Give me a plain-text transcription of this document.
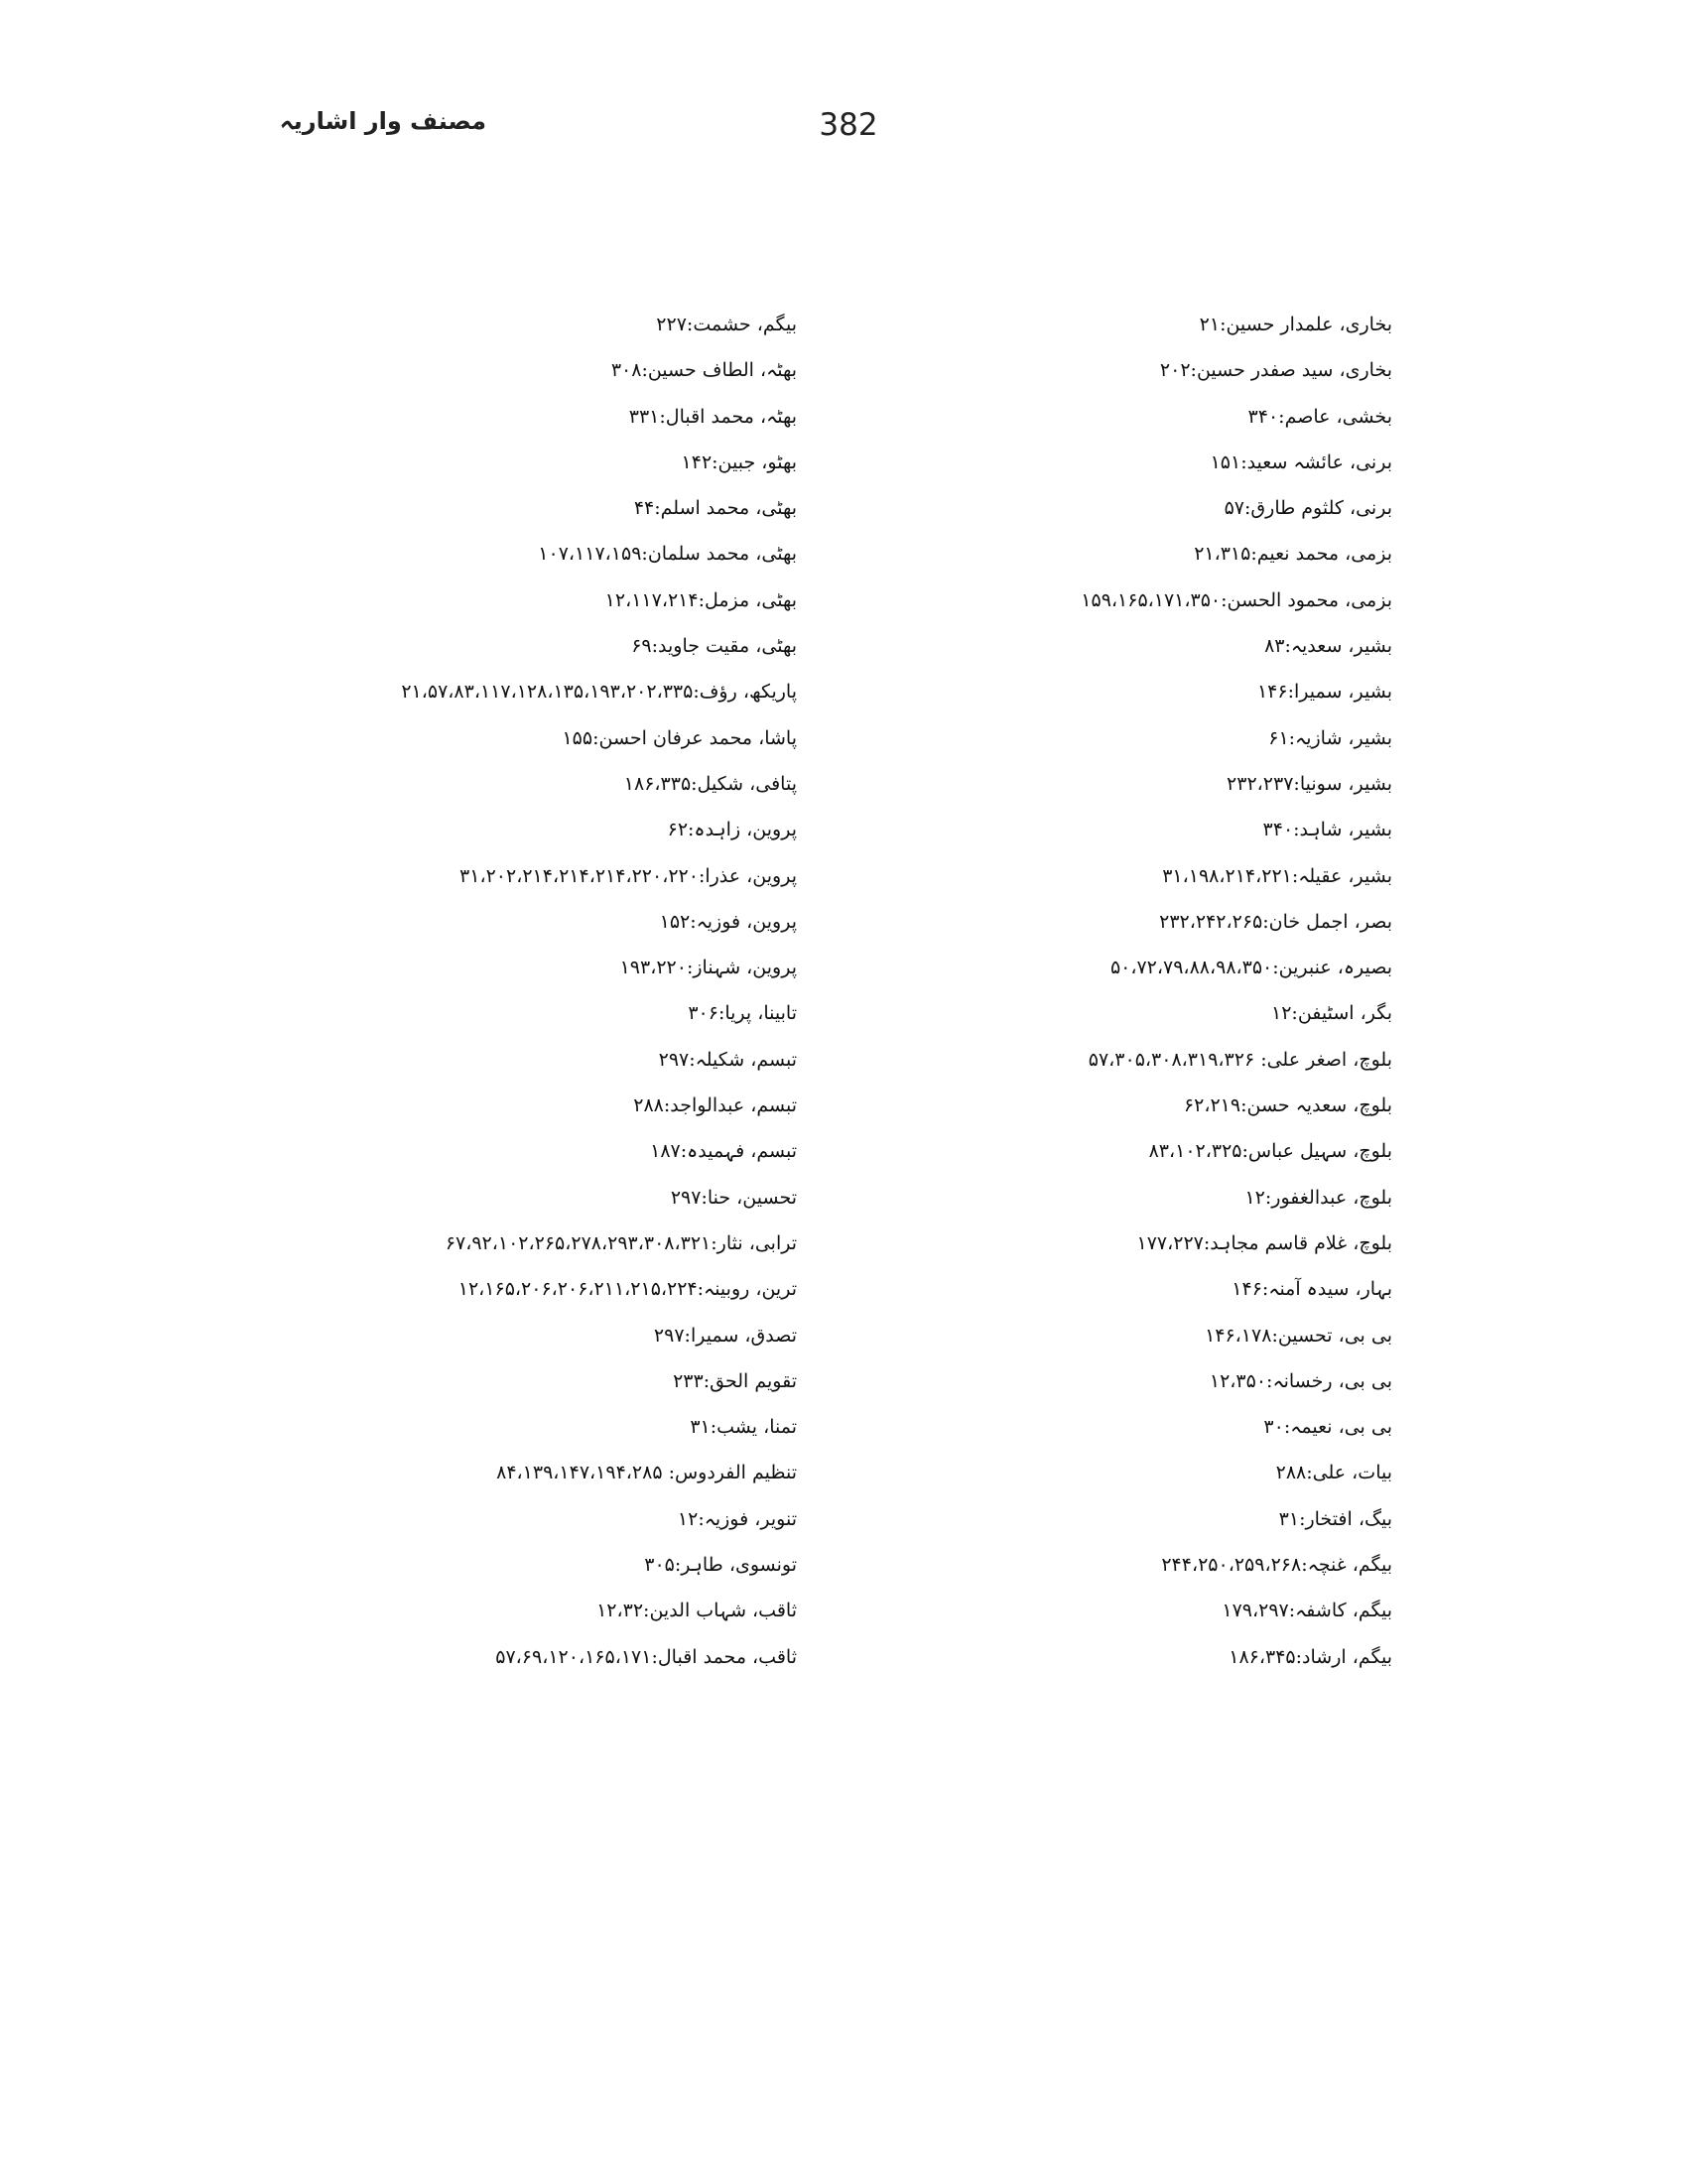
382
مصنف وار اشاریہ
بخاری، علمدار حسین:۲۱
بخاری، سید صفدر حسین:۲۰۲
بخشی، عاصم:۳۴۰
برنی، عائشہ سعید:۱۵۱
برنی، کلثوم طارق:۵۷
بزمی، محمد نعیم:۲۱،۳۱۵
بزمی، محمود الحسن:۱۵۹،۱۶۵،۱۷۱،۳۵۰
بشیر، سعدیہ:۸۳
بشیر، سمیرا:۱۴۶
بشیر، شازیہ:۶۱
بشیر، سونیا:۲۳۲،۲۳۷
بشیر، شاہد:۳۴۰
بشیر، عقیلہ:۳۱،۱۹۸،۲۱۴،۲۲۱
بصر، اجمل خان:۲۳۲،۲۴۲،۲۶۵
بصیرہ، عنبرین:۵۰،۷۲،۷۹،۸۸،۹۸،۳۵۰
بگر، اسٹیفن:۱۲
بلوچ، اصغر علی: ۵۷،۳۰۵،۳۰۸،۳۱۹،۳۲۶
بلوچ، سعدیہ حسن:۶۲،۲۱۹
بلوچ، سہیل عباس:۸۳،۱۰۲،۳۲۵
بلوچ، عبدالغفور:۱۲
بلوچ، غلام قاسم مجاہد:۱۷۷،۲۲۷
بہار، سیدہ آمنہ:۱۴۶
بی بی، تحسین:۱۴۶،۱۷۸
بی بی، رخسانہ:۱۲،۳۵۰
بی بی، نعیمہ:۳۰
بیات، علی:۲۸۸
بیگ، افتخار:۳۱
بیگم، غنچہ:۲۴۴،۲۵۰،۲۵۹،۲۶۸
بیگم، کاشفہ:۱۷۹،۲۹۷
بیگم، ارشاد:۱۸۶،۳۴۵
بیگم، حشمت:۲۲۷
بھٹہ، الطاف حسین:۳۰۸
بھٹہ، محمد اقبال:۳۳۱
بھٹو، جبین:۱۴۲
بھٹی، محمد اسلم:۴۴
بھٹی، محمد سلمان:۱۰۷،۱۱۷،۱۵۹
بھٹی، مزمل:۱۲،۱۱۷،۲۱۴
بھٹی، مقیت جاوید:۶۹
پاریکھ، رؤف:۲۱،۵۷،۸۳،۱۱۷،۱۲۸،۱۳۵،۱۹۳،۲۰۲،۳۳۵
پاشا، محمد عرفان احسن:۱۵۵
پتافی، شکیل:۱۸۶،۳۳۵
پروین، زاہدہ:۶۲
پروین، عذرا:۳۱،۲۰۲،۲۱۴،۲۱۴،۲۱۴،۲۲۰،۲۲۰
پروین، فوزیہ:۱۵۲
پروین، شہناز:۱۹۳،۲۲۰
تابینا، پریا:۳۰۶
تبسم، شکیلہ:۲۹۷
تبسم، عبدالواجد:۲۸۸
تبسم، فہمیدہ:۱۸۷
تحسین، حنا:۲۹۷
ترابی، نثار:۶۷،۹۲،۱۰۲،۲۶۵،۲۷۸،۲۹۳،۳۰۸،۳۲۱
ترین، روبینہ:۱۲،۱۶۵،۲۰۶،۲۰۶،۲۱۱،۲۱۵،۲۲۴
تصدق، سمیرا:۲۹۷
تقویم الحق:۲۳۳
تمنا، یشب:۳۱
تنظیم الفردوس: ۸۴،۱۳۹،۱۴۷،۱۹۴،۲۸۵
تنویر، فوزیہ:۱۲
تونسوی، طاہر:۳۰۵
ثاقب، شہاب الدین:۱۲،۳۲
ثاقب، محمد اقبال:۵۷،۶۹،۱۲۰،۱۶۵،۱۷۱
